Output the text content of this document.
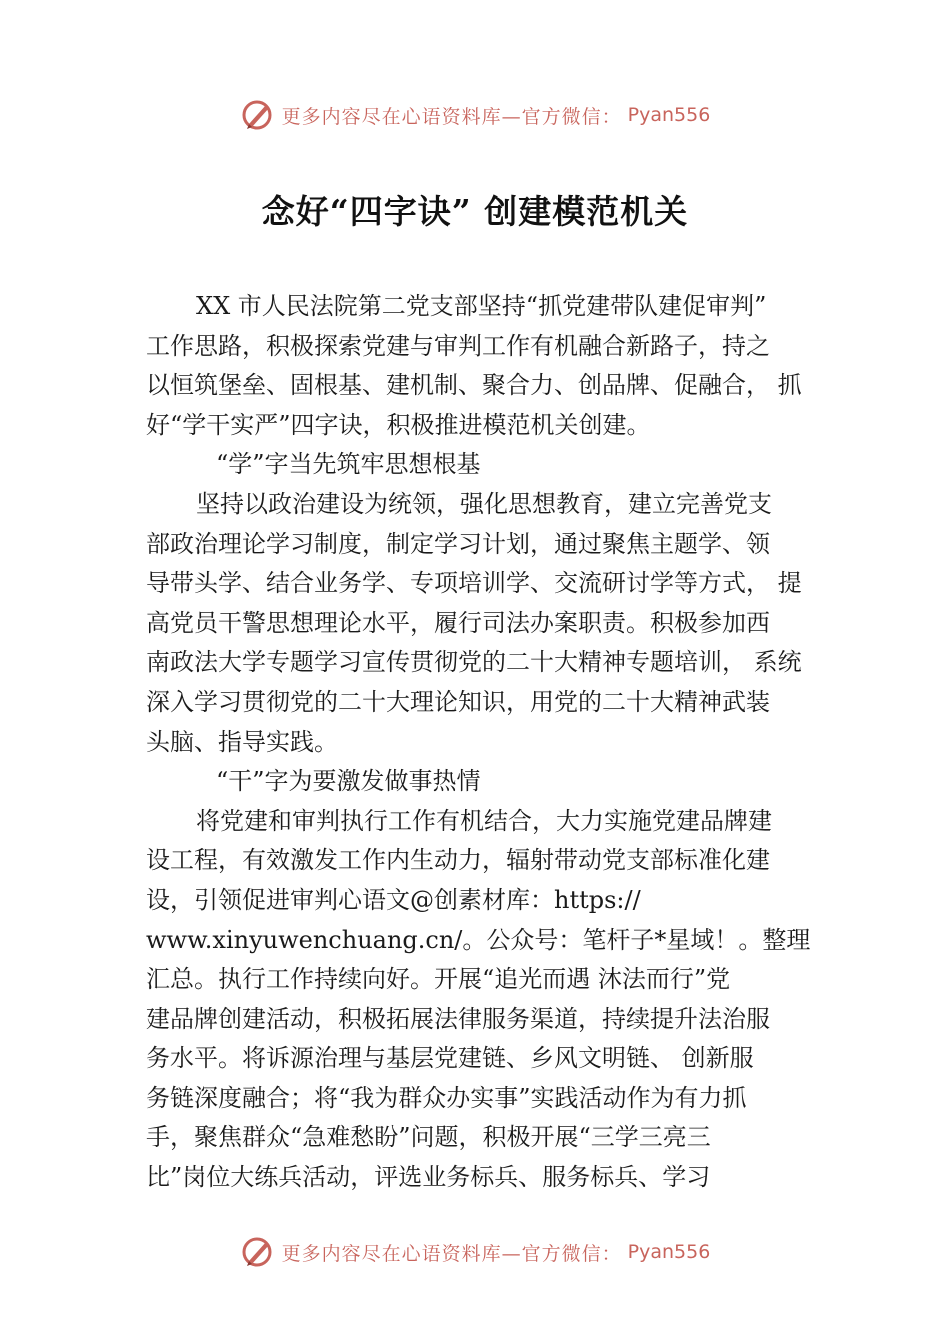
更多内容尽在心语资料库—官方微信： Pyan556
念好“四字诀” 创建模范机关
XX 市人民法院第二党支部坚持“抓党建带队建促审判”
工作思路，积极探索党建与审判工作有机融合新路子，持之
以恒筑堡垒、固根基、建机制、聚合力、创品牌、促融合， 抓
好“学干实严”四字诀，积极推进模范机关创建。
“学”字当先筑牢思想根基
坚持以政治建设为统领，强化思想教育，建立完善党支
部政治理论学习制度，制定学习计划，通过聚焦主题学、领
导带头学、结合业务学、专项培训学、交流研讨学等方式， 提
高党员干警思想理论水平，履行司法办案职责。积极参加西
南政法大学专题学习宣传贯彻党的二十大精神专题培训， 系统
深入学习贯彻党的二十大理论知识，用党的二十大精神武装
头脑、指导实践。
“干”字为要激发做事热情
将党建和审判执行工作有机结合，大力实施党建品牌建
设工程，有效激发工作内生动力，辐射带动党支部标准化建
设，引领促进审判心语文@创素材库：https://
www.xinyuwenchuang.cn/。公众号：笔杆子*星域！。整理
汇总。执行工作持续向好。开展“追光而遇 沐法而行”党
建品牌创建活动，积极拓展法律服务渠道，持续提升法治服
务水平。将诉源治理与基层党建链、乡风文明链、 创新服
务链深度融合；将“我为群众办实事”实践活动作为有力抓
手，聚焦群众“急难愁盼”问题，积极开展“三学三亮三
比”岗位大练兵活动，评选业务标兵、服务标兵、学习
更多内容尽在心语资料库—官方微信： Pyan556
